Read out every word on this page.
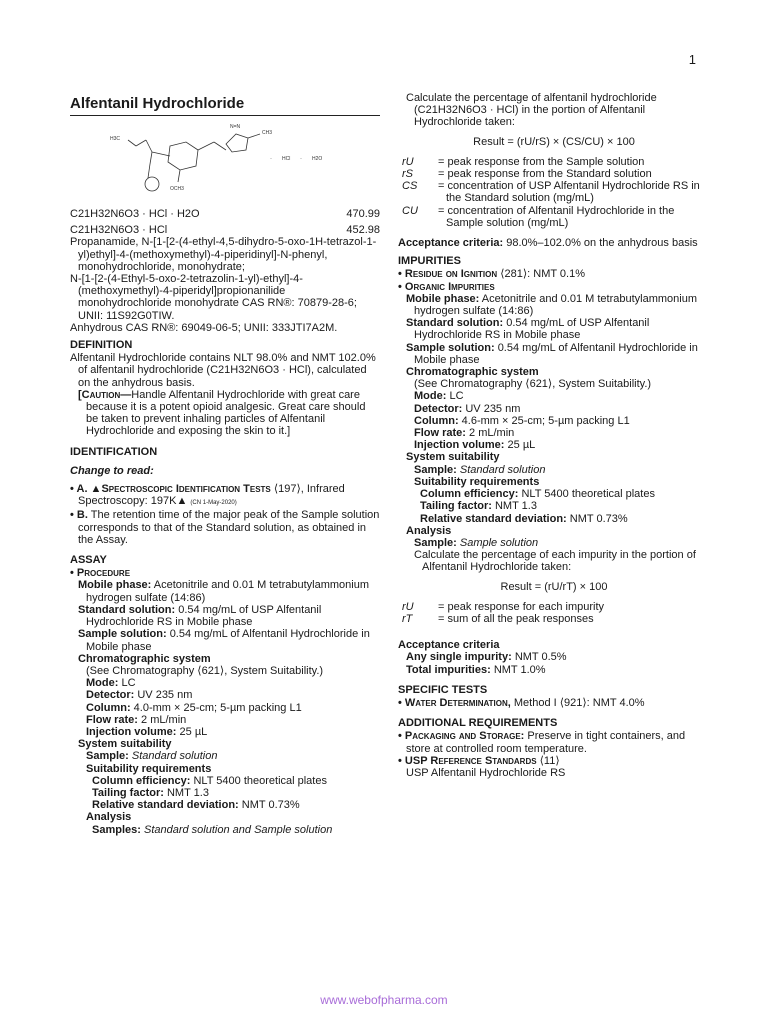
1
Alfentanil Hydrochloride
H3C
CH3
N=N
OCH3
· HCl · H2O
C21H32N6O3 · HCl · H2O	470.99
C21H32N6O3 · HCl	452.98

Propanamide, N-[1-[2-(4-ethyl-4,5-dihydro-5-oxo-1H-tetrazol-1-yl)ethyl]-4-(methoxymethyl)-4-piperidinyl]-N-phenyl, monohydrochloride, monohydrate;

N-[1-[2-(4-Ethyl-5-oxo-2-tetrazolin-1-yl)-ethyl]-4-(methoxymethyl)-4-piperidyl]propionanilide monohydrochloride monohydrate CAS RN®: 70879-28-6; UNII: 11S92G0TIW.

Anhydrous CAS RN®: 69049-06-5; UNII: 333JTI7A2M.

DEFINITION

Alfentanil Hydrochloride contains NLT 98.0% and NMT 102.0% of alfentanil hydrochloride (C21H32N6O3 · HCl), calculated on the anhydrous basis.

[Caution—Handle Alfentanil Hydrochloride with great care because it is a potent opioid analgesic. Great care should be taken to prevent inhaling particles of Alfentanil Hydrochloride and exposing the skin to it.]

IDENTIFICATION
Change to read:

• A. ▲Spectroscopic Identification Tests ⟨197⟩, Infrared Spectroscopy: 197K▲ (CN 1-May-2020)

• B. The retention time of the major peak of the Sample solution corresponds to that of the Standard solution, as obtained in the Assay.

ASSAY
• Procedure

Mobile phase: Acetonitrile and 0.01 M tetrabutylammonium hydrogen sulfate (14:86)

Standard solution: 0.54 mg/mL of USP Alfentanil Hydrochloride RS in Mobile phase

Sample solution: 0.54 mg/mL of Alfentanil Hydrochloride in Mobile phase

Chromatographic system

(See Chromatography ⟨621⟩, System Suitability.)

Mode: LC

Detector: UV 235 nm

Column: 4.0-mm × 25-cm; 5-µm packing L1

Flow rate: 2 mL/min

Injection volume: 25 µL

System suitability

Sample: Standard solution

Suitability requirements

Column efficiency: NLT 5400 theoretical plates

Tailing factor: NMT 1.3

Relative standard deviation: NMT 0.73%

Analysis

Samples: Standard solution and Sample solution

Calculate the percentage of alfentanil hydrochloride (C21H32N6O3 · HCl) in the portion of Alfentanil Hydrochloride taken:

Result = (rU/rS) × (CS/CU) × 100
rU	= peak response from the Sample solution
rS	= peak response from the Standard solution
CS	= concentration of USP Alfentanil Hydrochloride RS in the Standard solution (mg/mL)
CU	= concentration of Alfentanil Hydrochloride in the Sample solution (mg/mL)

Acceptance criteria: 98.0%–102.0% on the anhydrous basis

IMPURITIES

• Residue on Ignition ⟨281⟩: NMT 0.1%

• Organic Impurities

Mobile phase: Acetonitrile and 0.01 M tetrabutylammonium hydrogen sulfate (14:86)

Standard solution: 0.54 mg/mL of USP Alfentanil Hydrochloride RS in Mobile phase

Sample solution: 0.54 mg/mL of Alfentanil Hydrochloride in Mobile phase

Chromatographic system

(See Chromatography ⟨621⟩, System Suitability.)

Mode: LC

Detector: UV 235 nm

Column: 4.6-mm × 25-cm; 5-µm packing L1

Flow rate: 2 mL/min

Injection volume: 25 µL

System suitability

Sample: Standard solution

Suitability requirements

Column efficiency: NLT 5400 theoretical plates

Tailing factor: NMT 1.3

Relative standard deviation: NMT 0.73%

Analysis

Sample: Sample solution

Calculate the percentage of each impurity in the portion of Alfentanil Hydrochloride taken:

Result = (rU/rT) × 100
rU	= peak response for each impurity
rT	= sum of all the peak responses

Acceptance criteria

Any single impurity: NMT 0.5%

Total impurities: NMT 1.0%

SPECIFIC TESTS

• Water Determination, Method I ⟨921⟩: NMT 4.0%

ADDITIONAL REQUIREMENTS

• Packaging and Storage: Preserve in tight containers, and store at controlled room temperature.

• USP Reference Standards ⟨11⟩

USP Alfentanil Hydrochloride RS

www.webofpharma.com
